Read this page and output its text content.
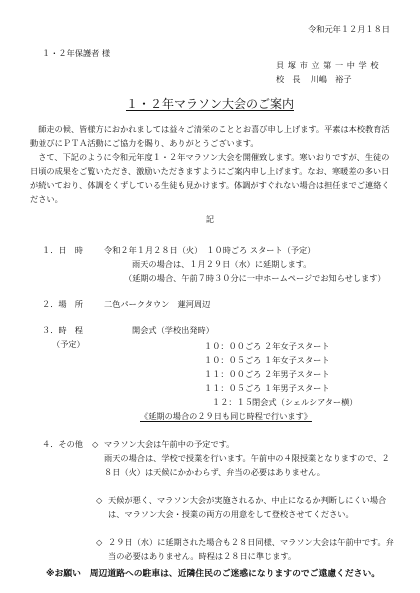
令和元年１２月１８日
１・２年保護者 様
貝 塚 市 立 第 一 中 学 校
校　長 川嶋　裕子
１・２年マラソン大会のご案内
師走の候、皆様方におかれましては益々ご清栄のこととお喜び申し上げます。平素は本校教育活動並びにＰＴＡ活動にご協力を賜り、ありがとうございます。
さて、下記のように令和元年度１・２年マラソン大会を開催致します。寒いおりですが、生徒の日頃の成果をご覧いただき、激励いただきますようにご案内申し上げます。なお、寒暖差の多い日が続いており、体調をくずしている生徒も見かけます。体調がすぐれない場合は担任までご連絡ください。
記
１．日　時	令和２年１月２８日（火）　１０時ごろ スタート（予定）
雨天の場合は、１月２９日（水）に延期します。
（延期の場合、午前７時３０分に一中ホームページでお知らせします）
２．場　所	二色パークタウン　蓮河周辺
３．時　程
（予定）
開会式（学校出発時）
１０：００ごろ ２年女子スタート
１０：０５ごろ １年女子スタート
１１：００ごろ ２年男子スタート
１１：０５ごろ １年男子スタート
１２：１５ 閉会式（シェルシアター横）
《延期の場合の２９日も同じ時程で行います》
４．その他 ◇ マラソン大会は午前中の予定です。
雨天の場合は、学校で授業を行います。午前中の４限授業となりますので、２８日（火）は天候にかかわらず、弁当の必要はありません。
◇ 天候が悪く、マラソン大会が実施されるか、中止になるか判断しにくい場合は、マラソン大会・授業の両方の用意をして登校させてください。
◇ ２９日（水）に延期された場合も２８日同様、マラソン大会は午前中です。弁当の必要はありません。時程は２８日に準じます。
※お願い　周辺道路への駐車は、近隣住民のご迷惑になりますのでご遠慮ください。
